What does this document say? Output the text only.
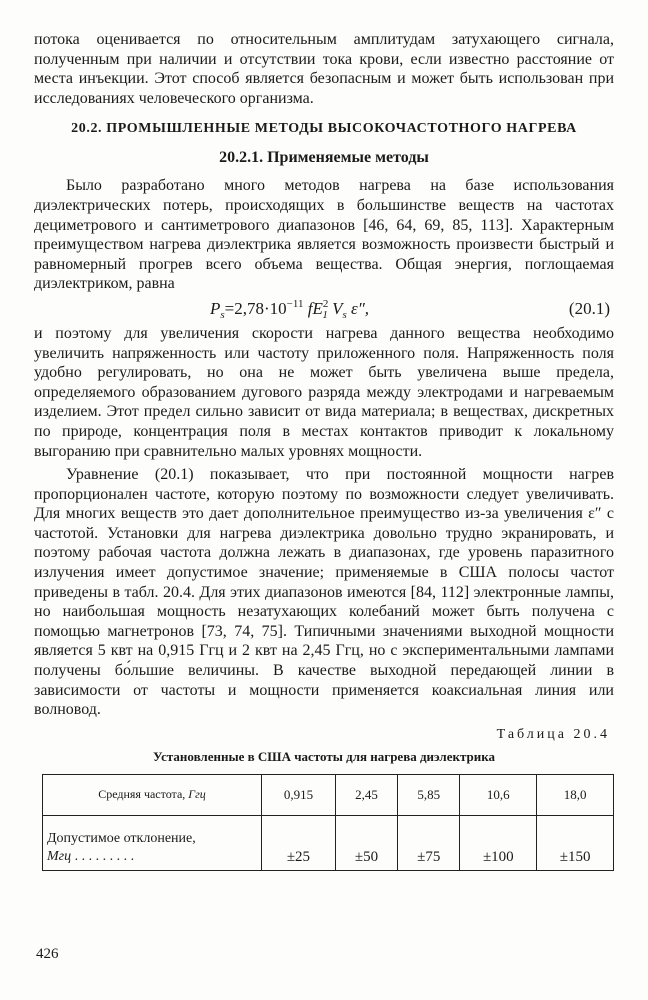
потока оценивается по относительным амплитудам затухающего сигнала, полученным при наличии и отсутствии тока крови, если известно расстояние от места инъекции. Этот способ является безопасным и может быть использован при исследованиях человеческого организма.

20.2. ПРОМЫШЛЕННЫЕ МЕТОДЫ ВЫСОКОЧАСТОТНОГО НАГРЕВА
20.2.1. Применяемые методы

Было разработано много методов нагрева на базе использования диэлектрических потерь, происходящих в большинстве веществ на частотах дециметрового и сантиметрового диапазонов [46, 64, 69, 85, 113]. Характерным преимуществом нагрева диэлектрика является возможность произвести быстрый и равномерный прогрев всего объема вещества. Общая энергия, поглощаемая диэлектриком, равна

$P_s=2,78\cdot 10^{-11}$ $fE^2_1$ $V_s$ ε″,	(20.1)

и поэтому для увеличения скорости нагрева данного вещества необходимо увеличить напряженность или частоту приложенного поля. Напряженность поля удобно регулировать, но она не может быть увеличена выше предела, определяемого образованием дугового разряда между электродами и нагреваемым изделием. Этот предел сильно зависит от вида материала; в веществах, дискретных по природе, концентрация поля в местах контактов приводит к локальному выгоранию при сравнительно малых уровнях мощности.

Уравнение (20.1) показывает, что при постоянной мощности нагрев пропорционален частоте, которую поэтому по возможности следует увеличивать. Для многих веществ это дает дополнительное преимущество из-за увеличения ε″ с частотой. Установки для нагрева диэлектрика довольно трудно экранировать, и поэтому рабочая частота должна лежать в диапазонах, где уровень паразитного излучения имеет допустимое значение; применяемые в США полосы частот приведены в табл. 20.4. Для этих диапазонов имеются [84, 112] электронные лампы, но наибольшая мощность незатухающих колебаний может быть получена с помощью магнетронов [73, 74, 75]. Типичными значениями выходной мощности является 5 квт на 0,915 Ггц и 2 квт на 2,45 Ггц, но с экспериментальными лампами получены бо́льшие величины. В качестве выходной передающей линии в зависимости от частоты и мощности применяется коаксиальная линия или волновод.

Таблица 20.4
Установленные в США частоты для нагрева диэлектрика
Средняя частота, Ггц	0,915	2,45	5,85	10,6	18,0
Допустимое отклонение,
Мгц . . . . . . . . .	±25	±50	±75	±100	±150
426
